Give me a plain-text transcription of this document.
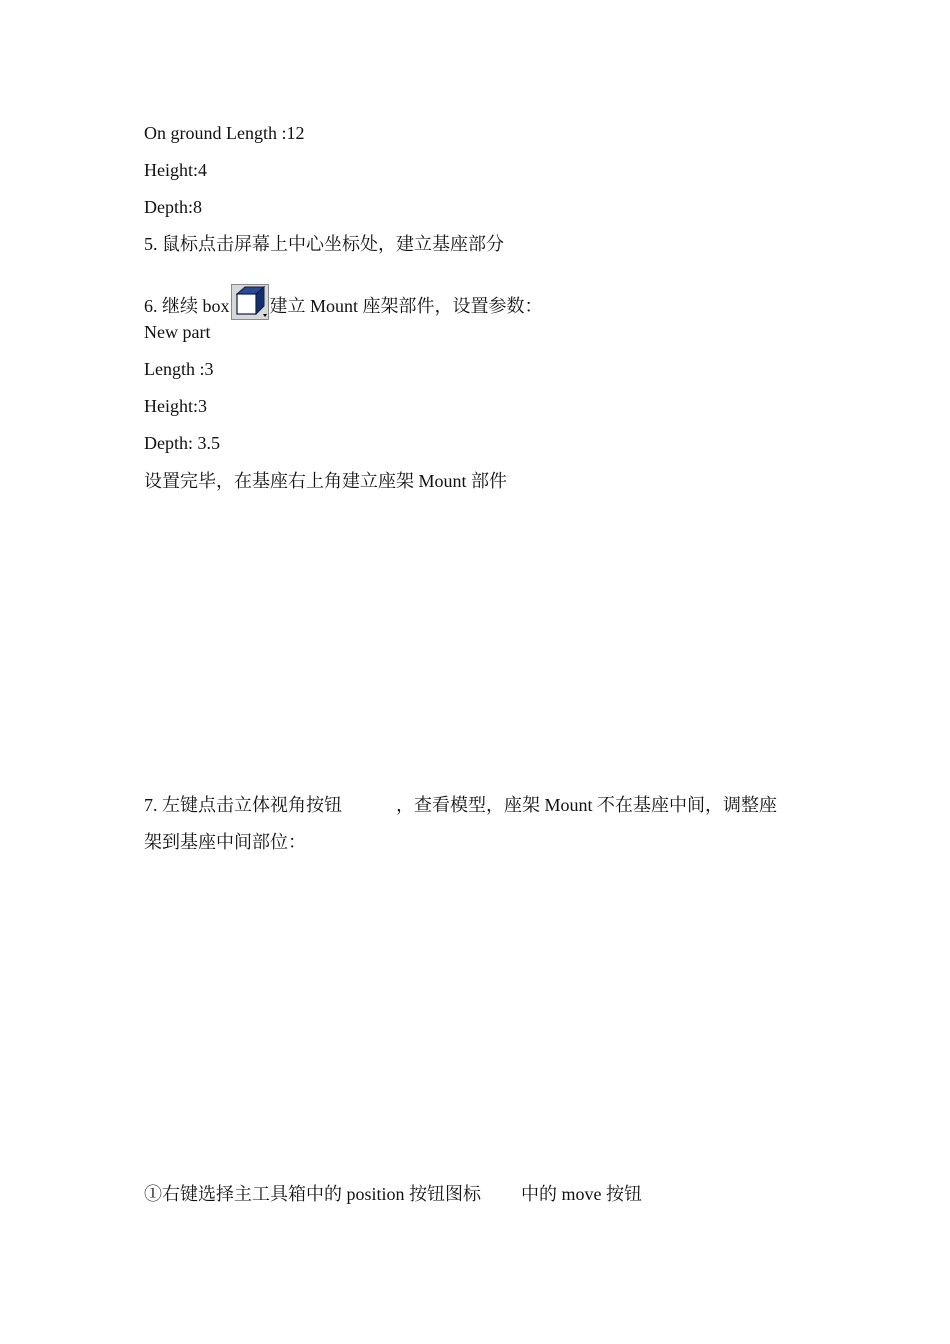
On ground Length :12
Height:4
Depth:8
5. 鼠标点击屏幕上中心坐标处，建立基座部分
6. 继续 box 建立 Mount 座架部件，设置参数：
New part
Length :3
Height:3
Depth: 3.5
设置完毕，在基座右上角建立座架 Mount 部件
7. 左键点击立体视角按钮	，查看模型，座架 Mount 不在基座中间，调整座
架到基座中间部位：
①右键选择主工具箱中的 position 按钮图标 中的 move 按钮
